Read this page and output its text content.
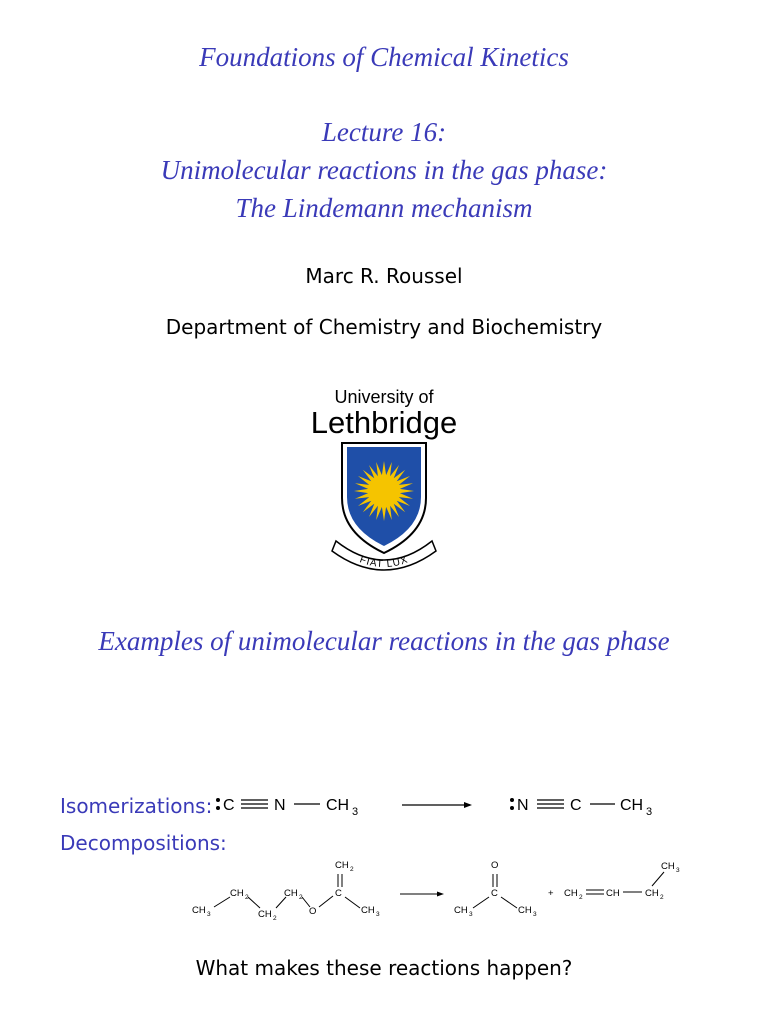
Foundations of Chemical Kinetics
Lecture 16:
Unimolecular reactions in the gas phase:
The Lindemann mechanism
Marc R. Roussel
Department of Chemistry and Biochemistry
University of
Lethbridge
FIAT LUX
Examples of unimolecular reactions in the gas phase
Isomerizations:
Decompositions:
C N	CH 3	N	C CH 3
CH 3
CH 2
CH 2
CH 2
O
C
CH 2
CH 3
O
C
CH 3	CH 3
+ CH 2 CH	CH 2
CH 3
What makes these reactions happen?
